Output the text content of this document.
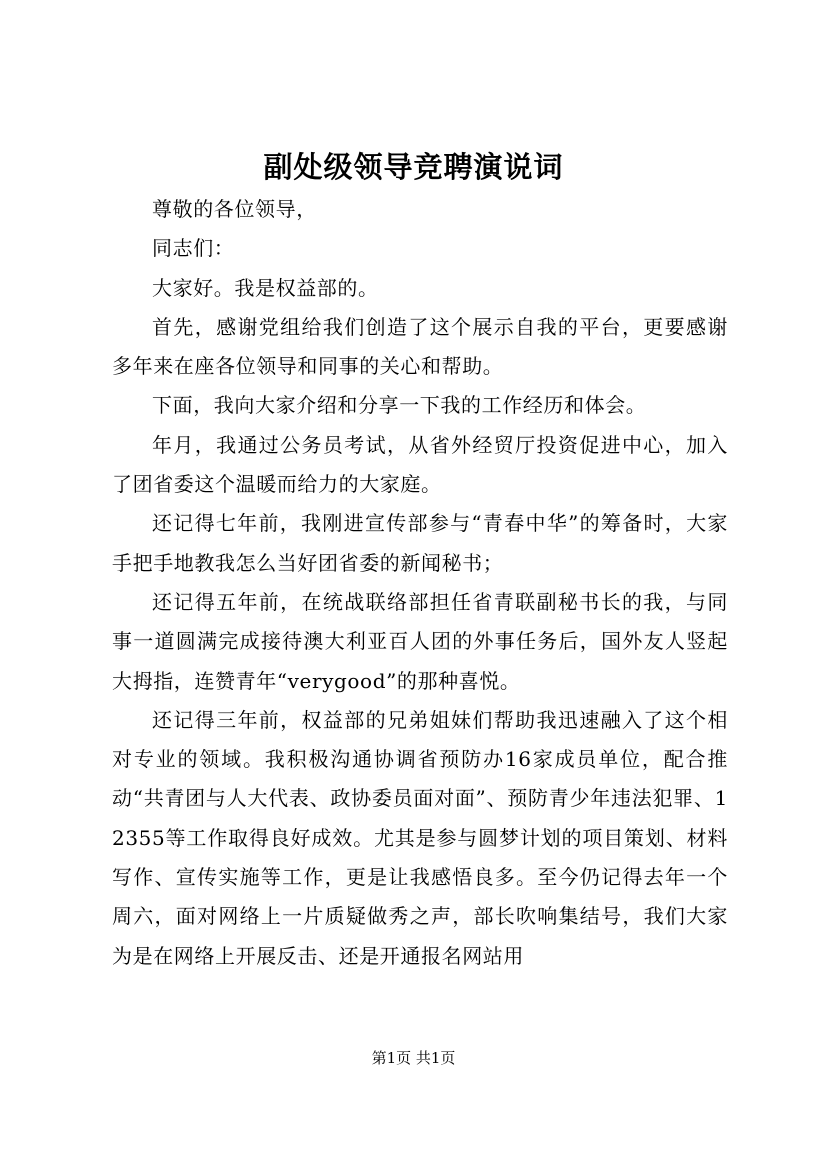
副处级领导竞聘演说词

尊敬的各位领导，

同志们：

大家好。我是权益部的。

首先，感谢党组给我们创造了这个展示自我的平台，更要感谢多年来在座各位领导和同事的关心和帮助。

下面，我向大家介绍和分享一下我的工作经历和体会。

年月，我通过公务员考试，从省外经贸厅投资促进中心，加入了团省委这个温暖而给力的大家庭。

还记得七年前，我刚进宣传部参与“青春中华”的筹备时，大家手把手地教我怎么当好团省委的新闻秘书；

还记得五年前，在统战联络部担任省青联副秘书长的我，与同事一道圆满完成接待澳大利亚百人团的外事任务后，国外友人竖起大拇指，连赞青年“verygood”的那种喜悦。

还记得三年前，权益部的兄弟姐妹们帮助我迅速融入了这个相对专业的领域。我积极沟通协调省预防办16家成员单位，配合推动“共青团与人大代表、政协委员面对面”、预防青少年违法犯罪、12355等工作取得良好成效。尤其是参与圆梦计划的项目策划、材料写作、宣传实施等工作，更是让我感悟良多。至今仍记得去年一个周六，面对网络上一片质疑做秀之声，部长吹响集结号，我们大家为是在网络上开展反击、还是开通报名网站用

第1页 共1页
